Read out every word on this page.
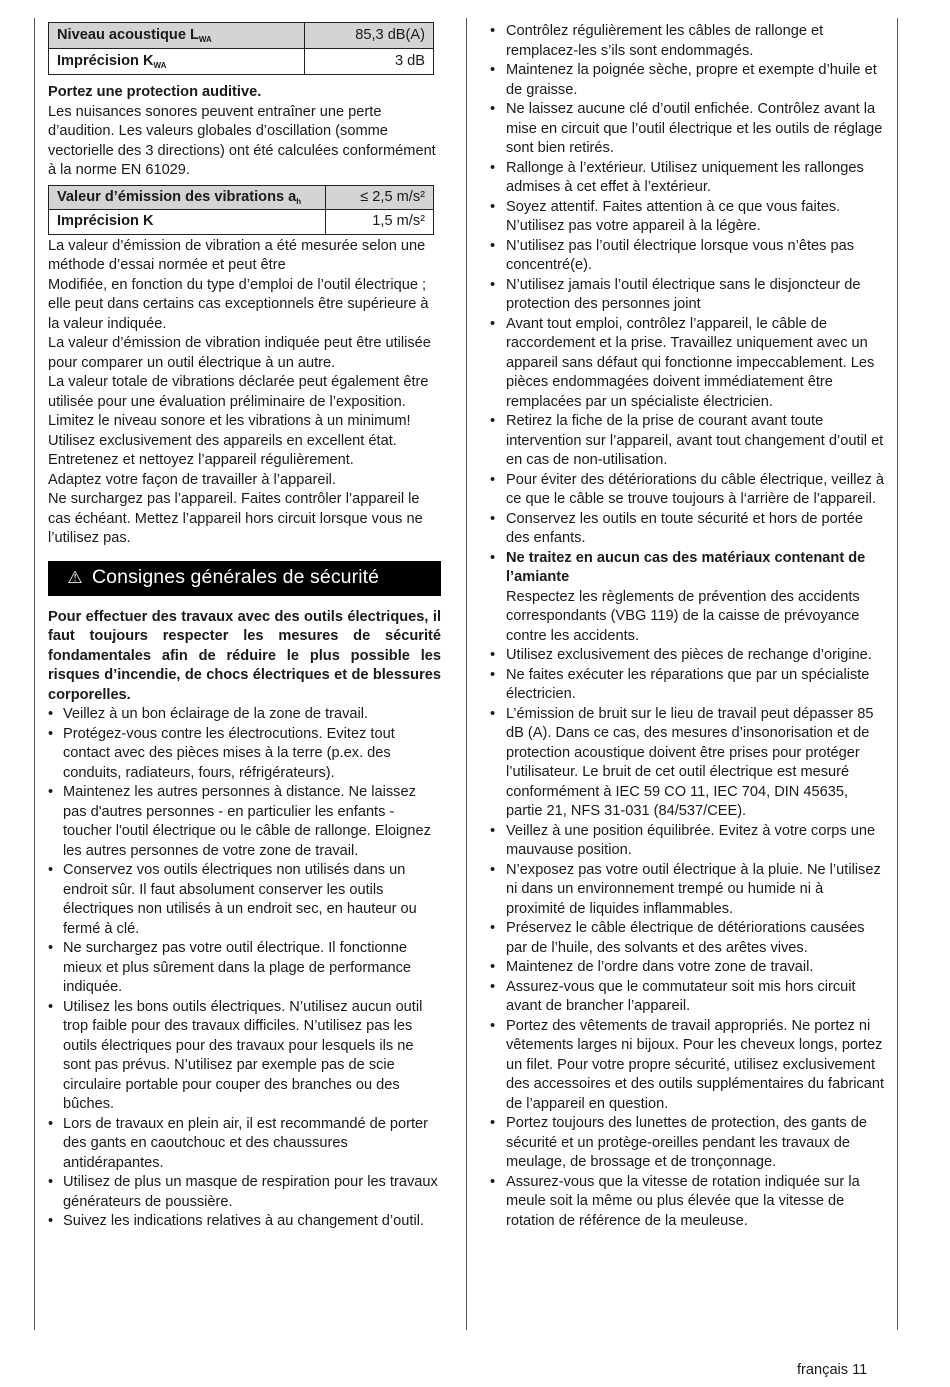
Niveau acoustique $L_{WA}$	85,3 dB(A)
Imprécision $K_{WA}$	3 dB

Portez une protection auditive.

Les nuisances sonores peuvent entraîner une perte d’audition. Les valeurs globales d’oscillation (somme vectorielle des 3 directions) ont été calculées conformément à la norme EN 61029.

Valeur d’émission des vibrations $a_h$	≤ 2,5 m/s²
Imprécision K	1,5 m/s²

La valeur d’émission de vibration a été mesurée selon une méthode d’essai normée et peut être

Modifiée, en fonction du type d’emploi de l’outil électrique ; elle peut dans certains cas exceptionnels être supérieure à la valeur indiquée.

La valeur d’émission de vibration indiquée peut être utilisée pour comparer un outil électrique à un autre.

La valeur totale de vibrations déclarée peut également être utilisée pour une évaluation préliminaire de l’exposition.

Limitez le niveau sonore et les vibrations à un minimum! Utilisez exclusivement des appareils en excellent état. Entretenez et nettoyez l’appareil régulièrement.

Adaptez votre façon de travailler à l’appareil.

Ne surchargez pas l’appareil. Faites contrôler l’appareil le cas échéant. Mettez l’appareil hors circuit lorsque vous ne l’utilisez pas.

⚠ Consignes générales de sécurité

Pour effectuer des travaux avec des outils électriques, il faut toujours respecter les mesures de sécurité fondamentales afin de réduire le plus possible les risques d’incendie, de chocs électriques et de blessures corporelles.

• Veillez à un bon éclairage de la zone de travail.
• Protégez-vous contre les électrocutions. Evitez tout contact avec des pièces mises à la terre (p.ex. des conduits, radiateurs, fours, réfrigérateurs).
• Maintenez les autres personnes à distance. Ne laissez pas d'autres personnes - en particulier les enfants - toucher l'outil électrique ou le câble de rallonge. Eloignez les autres personnes de votre zone de travail.
• Conservez vos outils électriques non utilisés dans un endroit sûr. Il faut absolument conserver les outils électriques non utilisés à un endroit sec, en hauteur ou fermé à clé.
• Ne surchargez pas votre outil électrique. Il fonctionne mieux et plus sûrement dans la plage de performance indiquée.
• Utilisez les bons outils électriques. N’utilisez aucun outil trop faible pour des travaux difficiles. N’utilisez pas les outils électriques pour des travaux pour lesquels ils ne sont pas prévus. N’utilisez par exemple pas de scie circulaire portable pour couper des branches ou des bûches.
• Lors de travaux en plein air, il est recommandé de porter des gants en caoutchouc et des chaussures antidérapantes.
• Utilisez de plus un masque de respiration pour les travaux générateurs de poussière.
• Suivez les indications relatives à au changement d’outil.
• Contrôlez régulièrement les câbles de rallonge et remplacez-les s’ils sont endommagés.
• Maintenez la poignée sèche, propre et exempte d’huile et de graisse.
• Ne laissez aucune clé d’outil enfichée. Contrôlez avant la mise en circuit que l’outil électrique et les outils de réglage sont bien retirés.
• Rallonge à l’extérieur. Utilisez uniquement les rallonges admises à cet effet à l’extérieur.
• Soyez attentif. Faites attention à ce que vous faites. N’utilisez pas votre appareil à la légère.
• N’utilisez pas l’outil électrique lorsque vous n’êtes pas concentré(e).
• N’utilisez jamais l’outil électrique sans le disjoncteur de protection des personnes joint
• Avant tout emploi, contrôlez l’appareil, le câble de raccordement et la prise. Travaillez uniquement avec un appareil sans défaut qui fonctionne impeccablement. Les pièces endommagées doivent immédiatement être remplacées par un spécialiste électricien.
• Retirez la fiche de la prise de courant avant toute intervention sur l’appareil, avant tout changement d’outil et en cas de non-utilisation.
• Pour éviter des détériorations du câble électrique, veillez à ce que le câble se trouve toujours à l‘arrière de l’appareil.
• Conservez les outils en toute sécurité et hors de portée des enfants.
• Ne traitez en aucun cas des matériaux contenant de l’amiante
Respectez les règlements de prévention des accidents correspondants (VBG 119) de la caisse de prévoyance contre les accidents.
• Utilisez exclusivement des pièces de rechange d’origine.
• Ne faites exécuter les réparations que par un spécialiste électricien.
• L’émission de bruit sur le lieu de travail peut dépasser 85 dB (A). Dans ce cas, des mesures d’insonorisation et de protection acoustique doivent être prises pour protéger l’utilisateur. Le bruit de cet outil électrique est mesuré conformément à IEC 59 CO 11, IEC 704, DIN 45635, partie 21, NFS 31-031 (84/537/CEE).
• Veillez à une position équilibrée. Evitez à votre corps une mauvause position.
• N’exposez pas votre outil électrique à la pluie. Ne l’utilisez ni dans un environnement trempé ou humide ni à proximité de liquides inflammables.
• Préservez le câble électrique de détériorations causées par de l’huile, des solvants et des arêtes vives.
• Maintenez de l’ordre dans votre zone de travail.
• Assurez-vous que le commutateur soit mis hors circuit avant de brancher l’appareil.
• Portez des vêtements de travail appropriés. Ne portez ni vêtements larges ni bijoux. Pour les cheveux longs, portez un filet. Pour votre propre sécurité, utilisez exclusivement des accessoires et des outils supplémentaires du fabricant de l’appareil en question.
• Portez toujours des lunettes de protection, des gants de sécurité et un protège-oreilles pendant les travaux de meulage, de brossage et de tronçonnage.
• Assurez-vous que la vitesse de rotation indiquée sur la meule soit la même ou plus élevée que la vitesse de rotation de référence de la meuleuse.
français 11
